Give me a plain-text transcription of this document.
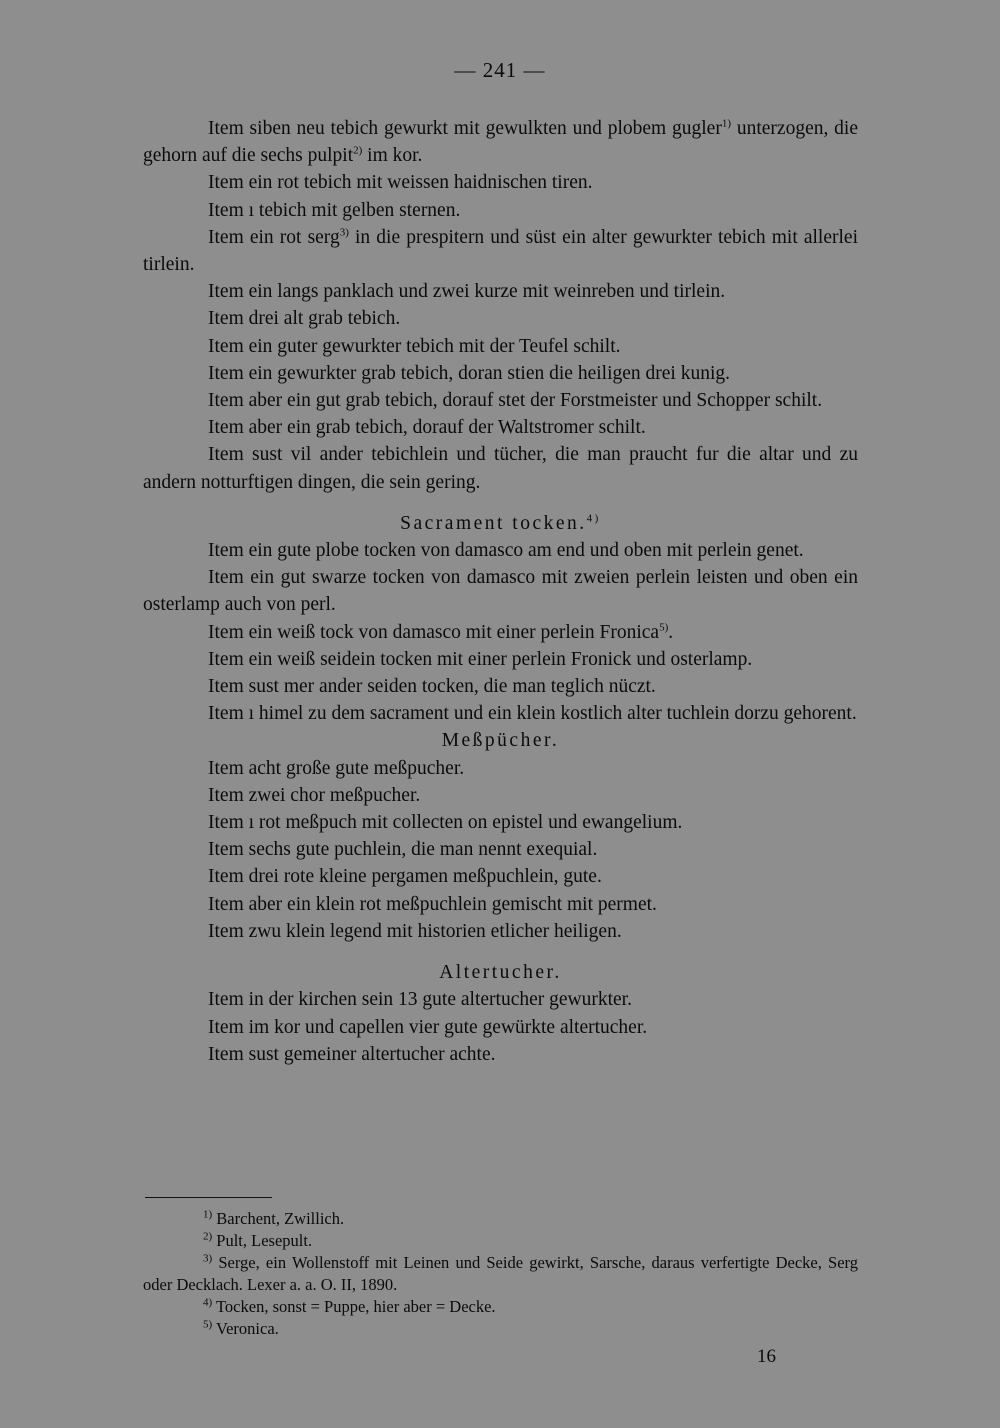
— 241 —

Item siben neu tebich gewurkt mit gewulkten und plobem gugler$^{1)}$ unterzogen, die gehorn auf die sechs pulpit$^{2)}$ im kor.

Item ein rot tebich mit weissen haidnischen tiren.

Item ı tebich mit gelben sternen.

Item ein rot serg$^{3)}$ in die prespitern und süst ein alter gewurkter tebich mit allerlei tirlein.

Item ein langs panklach und zwei kurze mit weinreben und tirlein.

Item drei alt grab tebich.

Item ein guter gewurkter tebich mit der Teufel schilt.

Item ein gewurkter grab tebich, doran stien die heiligen drei kunig.

Item aber ein gut grab tebich, dorauf stet der Forstmeister und Schopper schilt.

Item aber ein grab tebich, dorauf der Waltstromer schilt.

Item sust vil ander tebichlein und tücher, die man praucht fur die altar und zu andern notturftigen dingen, die sein gering.

Sacrament tocken.$^{4)}$

Item ein gute plobe tocken von damasco am end und oben mit perlein genet.

Item ein gut swarze tocken von damasco mit zweien perlein leisten und oben ein osterlamp auch von perl.

Item ein weiß tock von damasco mit einer perlein Fronica$^{5)}$.

Item ein weiß seidein tocken mit einer perlein Fronick und osterlamp.

Item sust mer ander seiden tocken, die man teglich nüczt.

Item ı himel zu dem sacrament und ein klein kostlich alter tuchlein dorzu gehorent.

Meßpücher.

Item acht große gute meßpucher.

Item zwei chor meßpucher.

Item ı rot meßpuch mit collecten on epistel und ewangelium.

Item sechs gute puchlein, die man nennt exequial.

Item drei rote kleine pergamen meßpuchlein, gute.

Item aber ein klein rot meßpuchlein gemischt mit permet.

Item zwu klein legend mit historien etlicher heiligen.

Altertucher.

Item in der kirchen sein 13 gute altertucher gewurkter.

Item im kor und capellen vier gute gewürkte altertucher.

Item sust gemeiner altertucher achte.

$^{1)}$ Barchent, Zwillich.

$^{2)}$ Pult, Lesepult.

$^{3)}$ Serge, ein Wollenstoff mit Leinen und Seide gewirkt, Sarsche, daraus verfertigte Decke, Serg oder Decklach. Lexer a. a. O. II, 1890.

$^{4)}$ Tocken, sonst = Puppe, hier aber = Decke.

$^{5)}$ Veronica.

16
